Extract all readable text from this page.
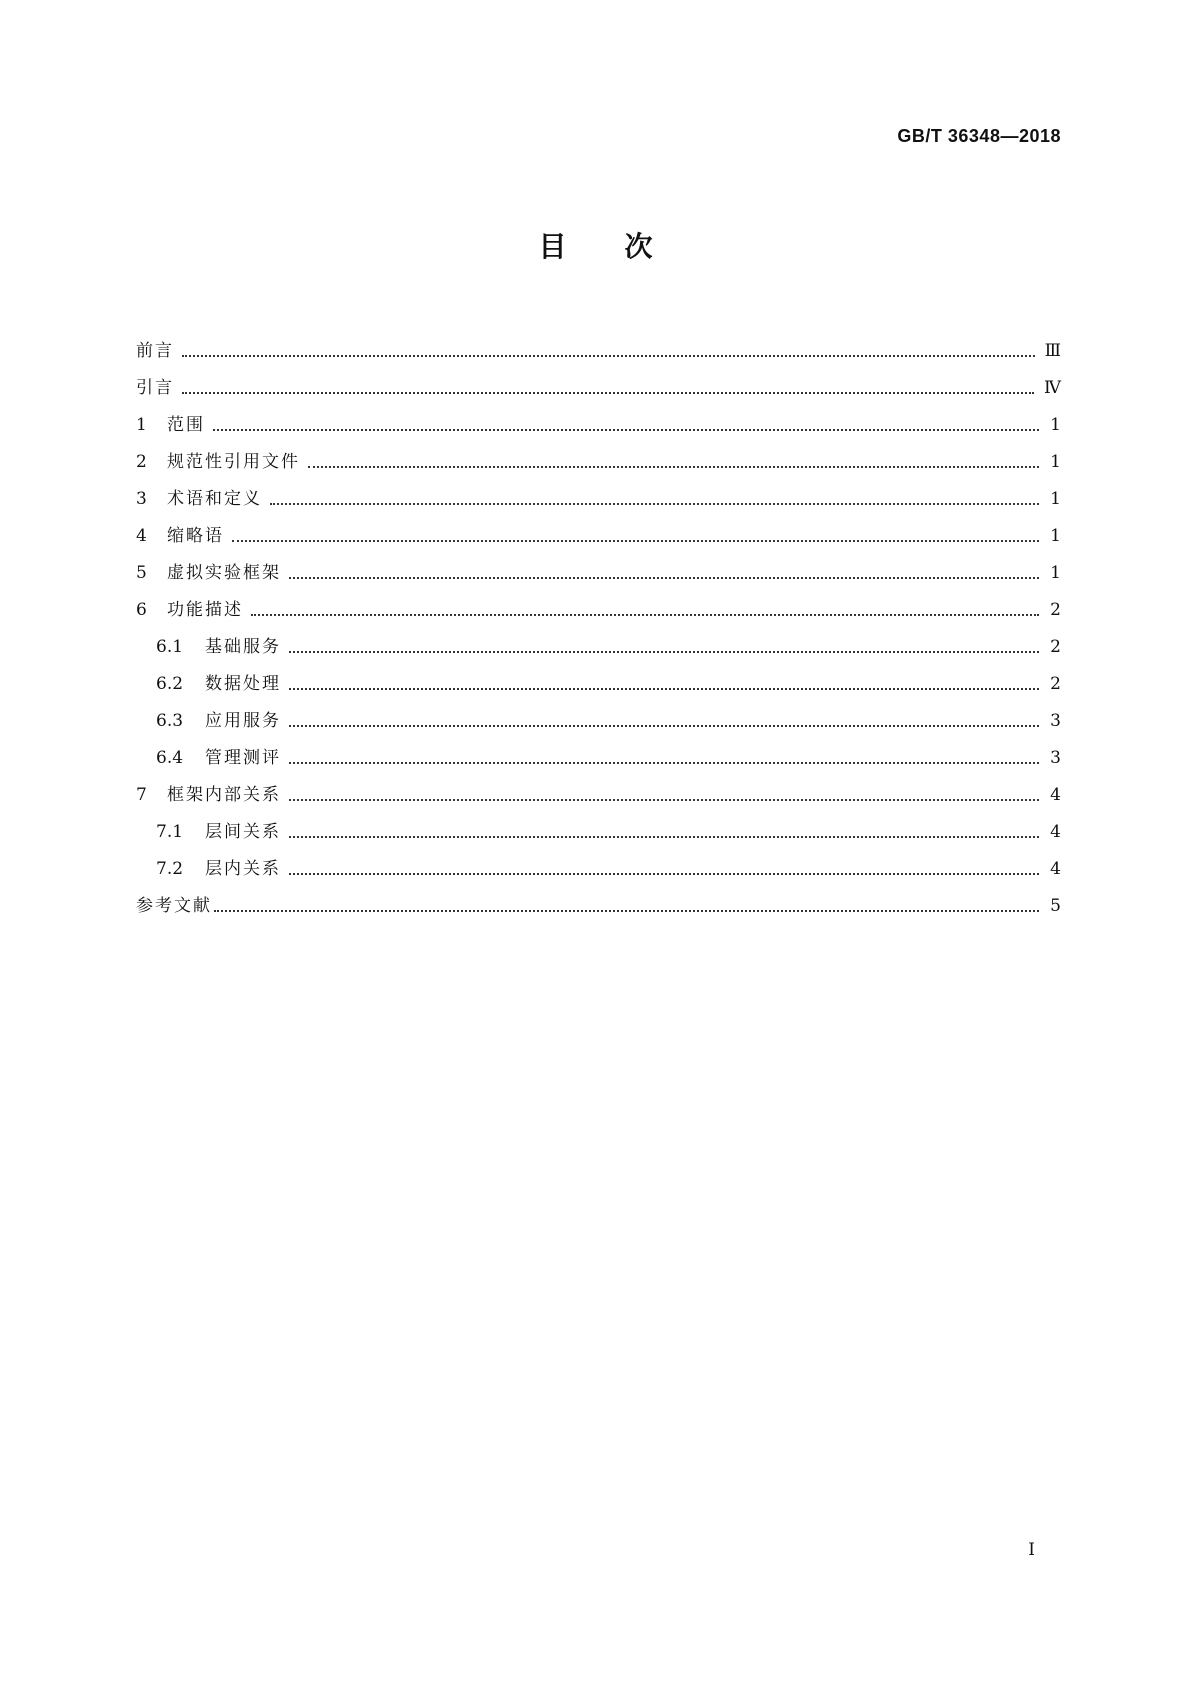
GB/T 36348—2018
目次
前言	Ⅲ
引言	Ⅳ
1	范围	1
2	规范性引用文件	1
3	术语和定义	1
4	缩略语	1
5	虚拟实验框架	1
6	功能描述	2
6.1	基础服务	2
6.2	数据处理	2
6.3	应用服务	3
6.4	管理测评	3
7	框架内部关系	4
7.1	层间关系	4
7.2	层内关系	4
参考文献	5
I
